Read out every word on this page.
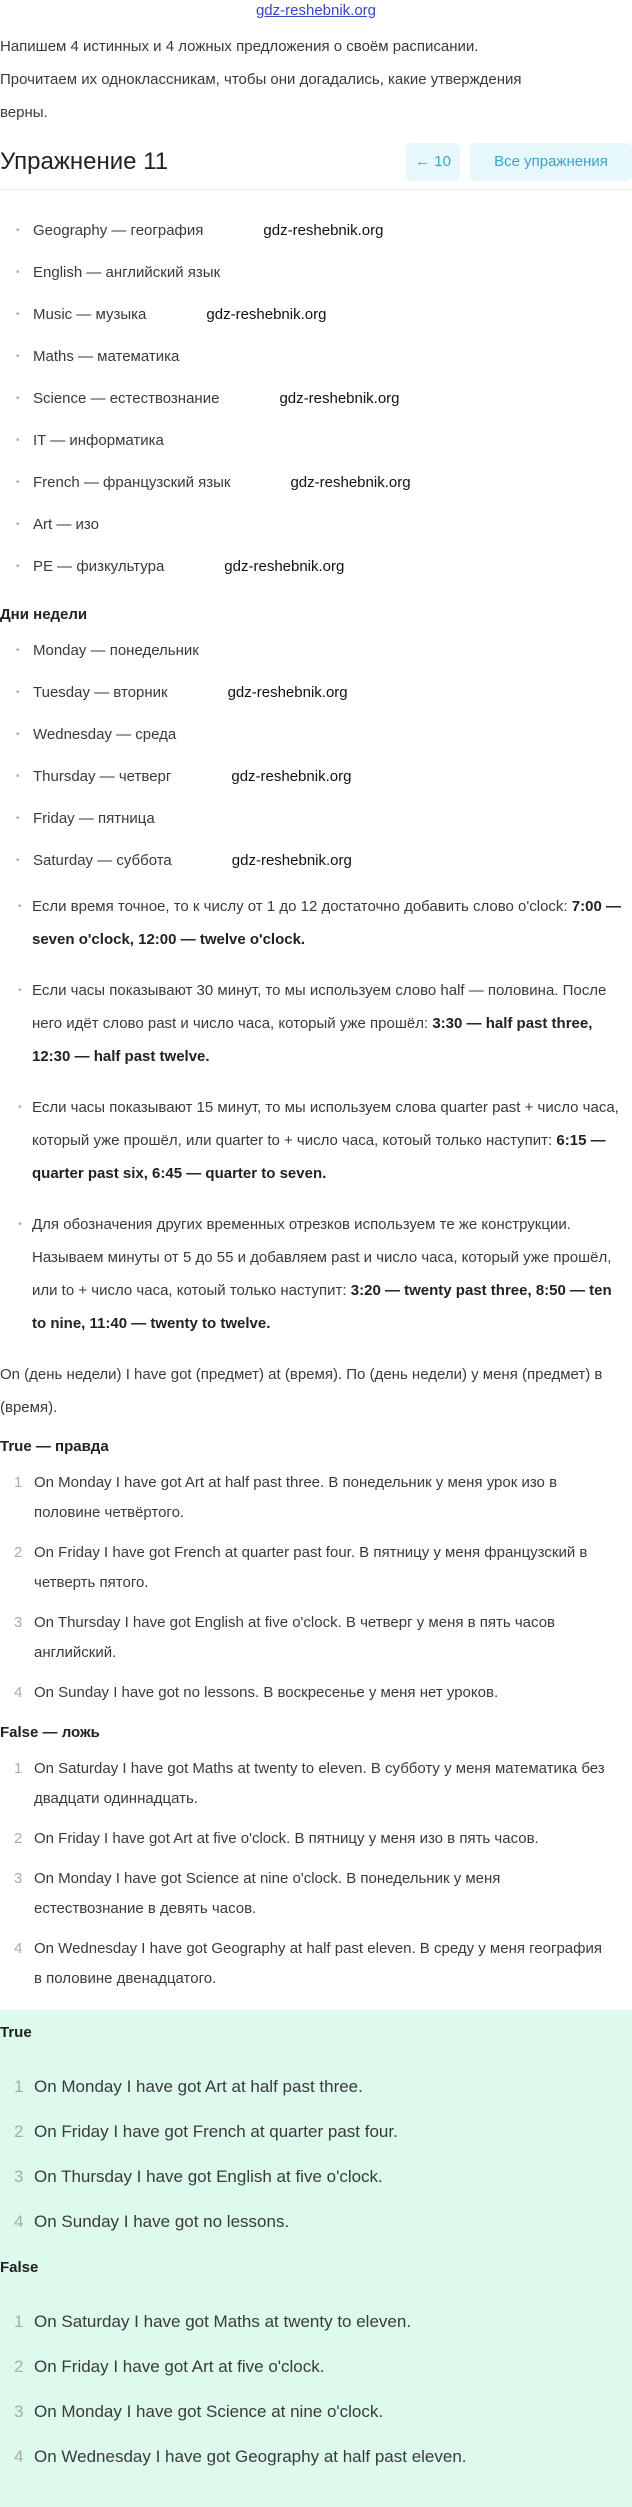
gdz-reshebnik.org
Напишем 4 истинных и 4 ложных предложения о своём расписании.
Прочитаем их одноклассникам, чтобы они догадались, какие утверждения
верны.
Упражнение 11	← 10	Все упражнения
• Geography — география	gdz-reshebnik.org
• English — английский язык
• Music — музыка	gdz-reshebnik.org
• Maths — математика
• Science — естествознание	gdz-reshebnik.org
• IT — информатика
• French — французский язык	gdz-reshebnik.org
• Art — изо
• PE — физкультура	gdz-reshebnik.org
Дни недели
• Monday — понедельник
• Tuesday — вторник	gdz-reshebnik.org
• Wednesday — среда
• Thursday — четверг	gdz-reshebnik.org
• Friday — пятница
• Saturday — суббота	gdz-reshebnik.org
• Если время точное, то к числу от 1 до 12 достаточно добавить слово o'clock: 7:00 — seven o'clock, 12:00 — twelve o'clock.
• Если часы показывают 30 минут, то мы используем слово half — половина. После него идёт слово past и число часа, который уже прошёл: 3:30 — half past three, 12:30 — half past twelve.
• Если часы показывают 15 минут, то мы используем слова quarter past + число часа, который уже прошёл, или quarter to + число часа, котоый только наступит: 6:15 — quarter past six, 6:45 — quarter to seven.
• Для обозначения других временных отрезков используем те же конструкции. Называем минуты от 5 до 55 и добавляем past и число часа, который уже прошёл, или to + число часа, котоый только наступит: 3:20 — twenty past three, 8:50 — ten to nine, 11:40 — twenty to twelve.
On (день недели) I have got (предмет) at (время). По (день недели) у меня (предмет) в (время).
True — правда
1 On Monday I have got Art at half past three. В понедельник у меня урок изо в половине четвёртого.
2 On Friday I have got French at quarter past four. В пятницу у меня французский в четверть пятого.
3 On Thursday I have got English at five o'clock. В четверг у меня в пять часов английский.
4 On Sunday I have got no lessons. В воскресенье у меня нет уроков.
False — ложь
1 On Saturday I have got Maths at twenty to eleven. В субботу у меня математика без двадцати одиннадцать.
2 On Friday I have got Art at five o'clock. В пятницу у меня изо в пять часов.
3 On Monday I have got Science at nine o'clock. В понедельник у меня естествознание в девять часов.
4 On Wednesday I have got Geography at half past eleven. В среду у меня география в половине двенадцатого.
True
1 On Monday I have got Art at half past three.
2 On Friday I have got French at quarter past four.
3 On Thursday I have got English at five o'clock.
4 On Sunday I have got no lessons.
False
1 On Saturday I have got Maths at twenty to eleven.
2 On Friday I have got Art at five o'clock.
3 On Monday I have got Science at nine o'clock.
4 On Wednesday I have got Geography at half past eleven.
